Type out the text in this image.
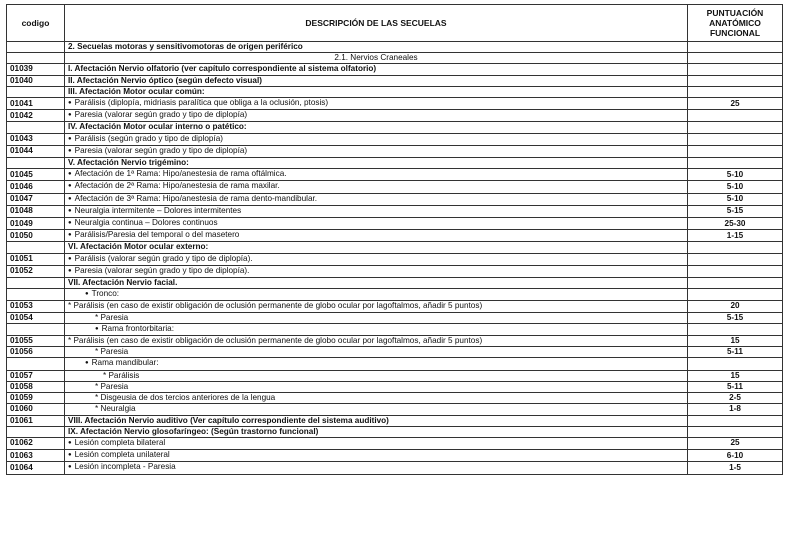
codigo	DESCRIPCIÓN DE LAS SECUELAS	PUNTUACIÓN ANATÓMICO FUNCIONAL
	2. Secuelas motoras y sensitivomotoras de origen periférico	
	2.1. Nervios Craneales	
01039	I. Afectación Nervio olfatorio (ver capítulo correspondiente al sistema olfatorio)	
01040	II. Afectación Nervio óptico (según defecto visual)	
	III. Afectación Motor ocular común:	
01041	● Parálisis (diplopía, midriasis paralítica que obliga a la oclusión, ptosis)	25
01042	● Paresia (valorar según grado y tipo de diplopía)	
	IV. Afectación Motor ocular interno o patético:	
01043	● Parálisis (según grado y tipo de diplopía)	
01044	● Paresia (valorar según grado y tipo de diplopía)	
	V. Afectación Nervio trigémino:	
01045	● Afectación de 1ª Rama: Hipo/anestesia de rama oftálmica.	5-10
01046	● Afectación de 2ª Rama: Hipo/anestesia de rama maxilar.	5-10
01047	● Afectación de 3ª Rama: Hipo/anestesia de rama dento-mandibular.	5-10
01048	● Neuralgia intermitente – Dolores intermitentes	5-15
01049	● Neuralgia continua – Dolores continuos	25-30
01050	● Parálisis/Paresia del temporal o del masetero	1-15
	VI. Afectación Motor ocular externo:	
01051	● Parálisis (valorar según grado y tipo de diplopía).	
01052	● Paresia (valorar según grado y tipo de diplopía).	
	VII. Afectación Nervio facial.	
	● Tronco:	
01053	* Parálisis (en caso de existir obligación de oclusión permanente de globo ocular por lagoftalmos, añadir 5 puntos)	20
01054	* Paresia	5-15
	● Rama frontorbitaria:	
01055	* Parálisis (en caso de existir obligación de oclusión permanente de globo ocular por lagoftalmos, añadir 5 puntos)	15
01056	* Paresia	5-11
	● Rama mandibular:	
01057	* Parálisis	15
01058	* Paresia	5-11
01059	* Disgeusia de dos tercios anteriores de la lengua	2-5
01060	* Neuralgia	1-8
01061	VIII. Afectación Nervio auditivo (Ver capítulo correspondiente del sistema auditivo)	
	IX. Afectación Nervio glosofaríngeo: (Según trastorno funcional)	
01062	● Lesión completa bilateral	25
01063	● Lesión completa unilateral	6-10
01064	● Lesión incompleta - Paresia	1-5
